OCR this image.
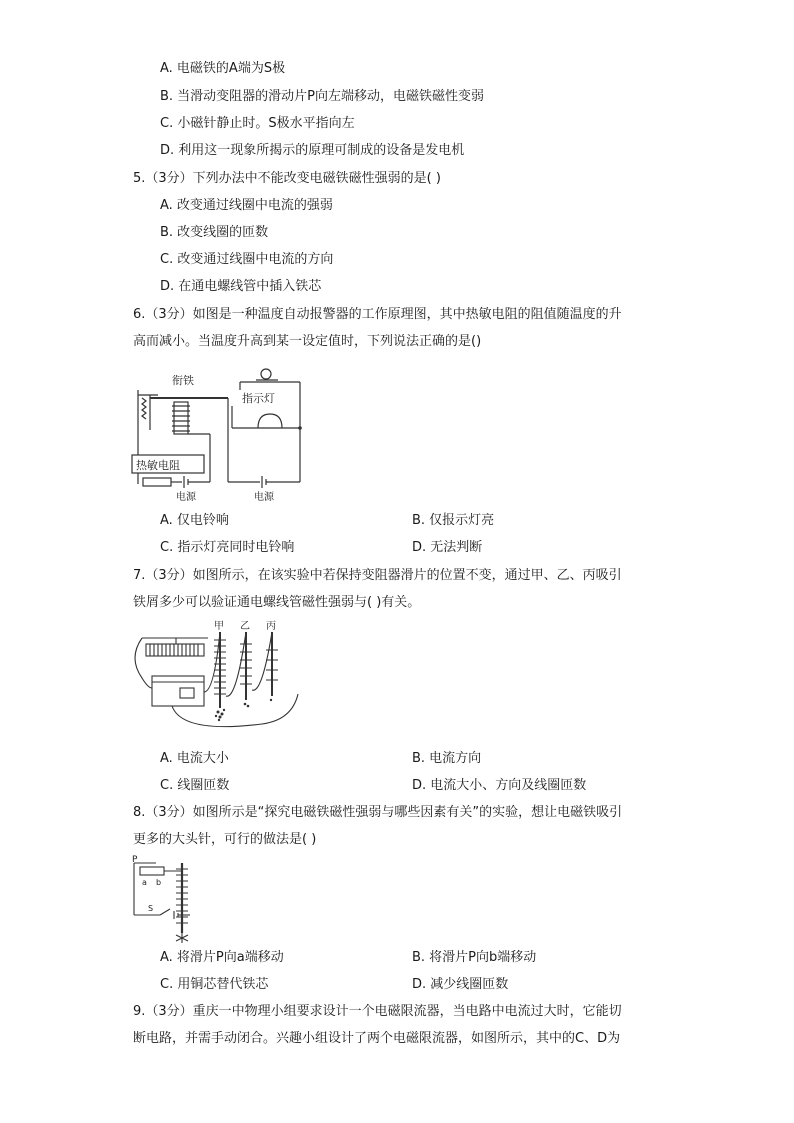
A. 电磁铁的A端为S极
B. 当滑动变阻器的滑动片P向左端移动，电磁铁磁性变弱
C. 小磁针静止时。S极水平指向左
D. 利用这一现象所揭示的原理可制成的设备是发电机
5.（3分）下列办法中不能改变电磁铁磁性强弱的是( )
A. 改变通过线圈中电流的强弱
B. 改变线圈的匝数
C. 改变通过线圈中电流的方向
D. 在通电螺线管中插入铁芯
6.（3分）如图是一种温度自动报警器的工作原理图，其中热敏电阻的阻值随温度的升
高而减小。当温度升高到某一设定值时，下列说法正确的是()
衔铁
指示灯
热敏电阻
电源	电源
A. 仅电铃响	B. 仅报示灯亮
C. 指示灯亮同时电铃响	D. 无法判断
7.（3分）如图所示，在该实验中若保持变阻器滑片的位置不变，通过甲、乙、丙吸引
铁屑多少可以验证通电螺线管磁性强弱与( )有关。
甲 乙 丙
A. 电流大小	B. 电流方向
C. 线圈匝数	D. 电流大小、方向及线圈匝数
8.（3分）如图所示是“探究电磁铁磁性强弱与哪些因素有关”的实验，想让电磁铁吸引
更多的大头针，可行的做法是( )
P
a b
S
A. 将滑片P向a端移动	B. 将滑片P向b端移动
C. 用铜芯替代铁芯	D. 减少线圈匝数
9.（3分）重庆一中物理小组要求设计一个电磁限流器，当电路中电流过大时，它能切
断电路，并需手动闭合。兴趣小组设计了两个电磁限流器，如图所示，其中的C、D为
